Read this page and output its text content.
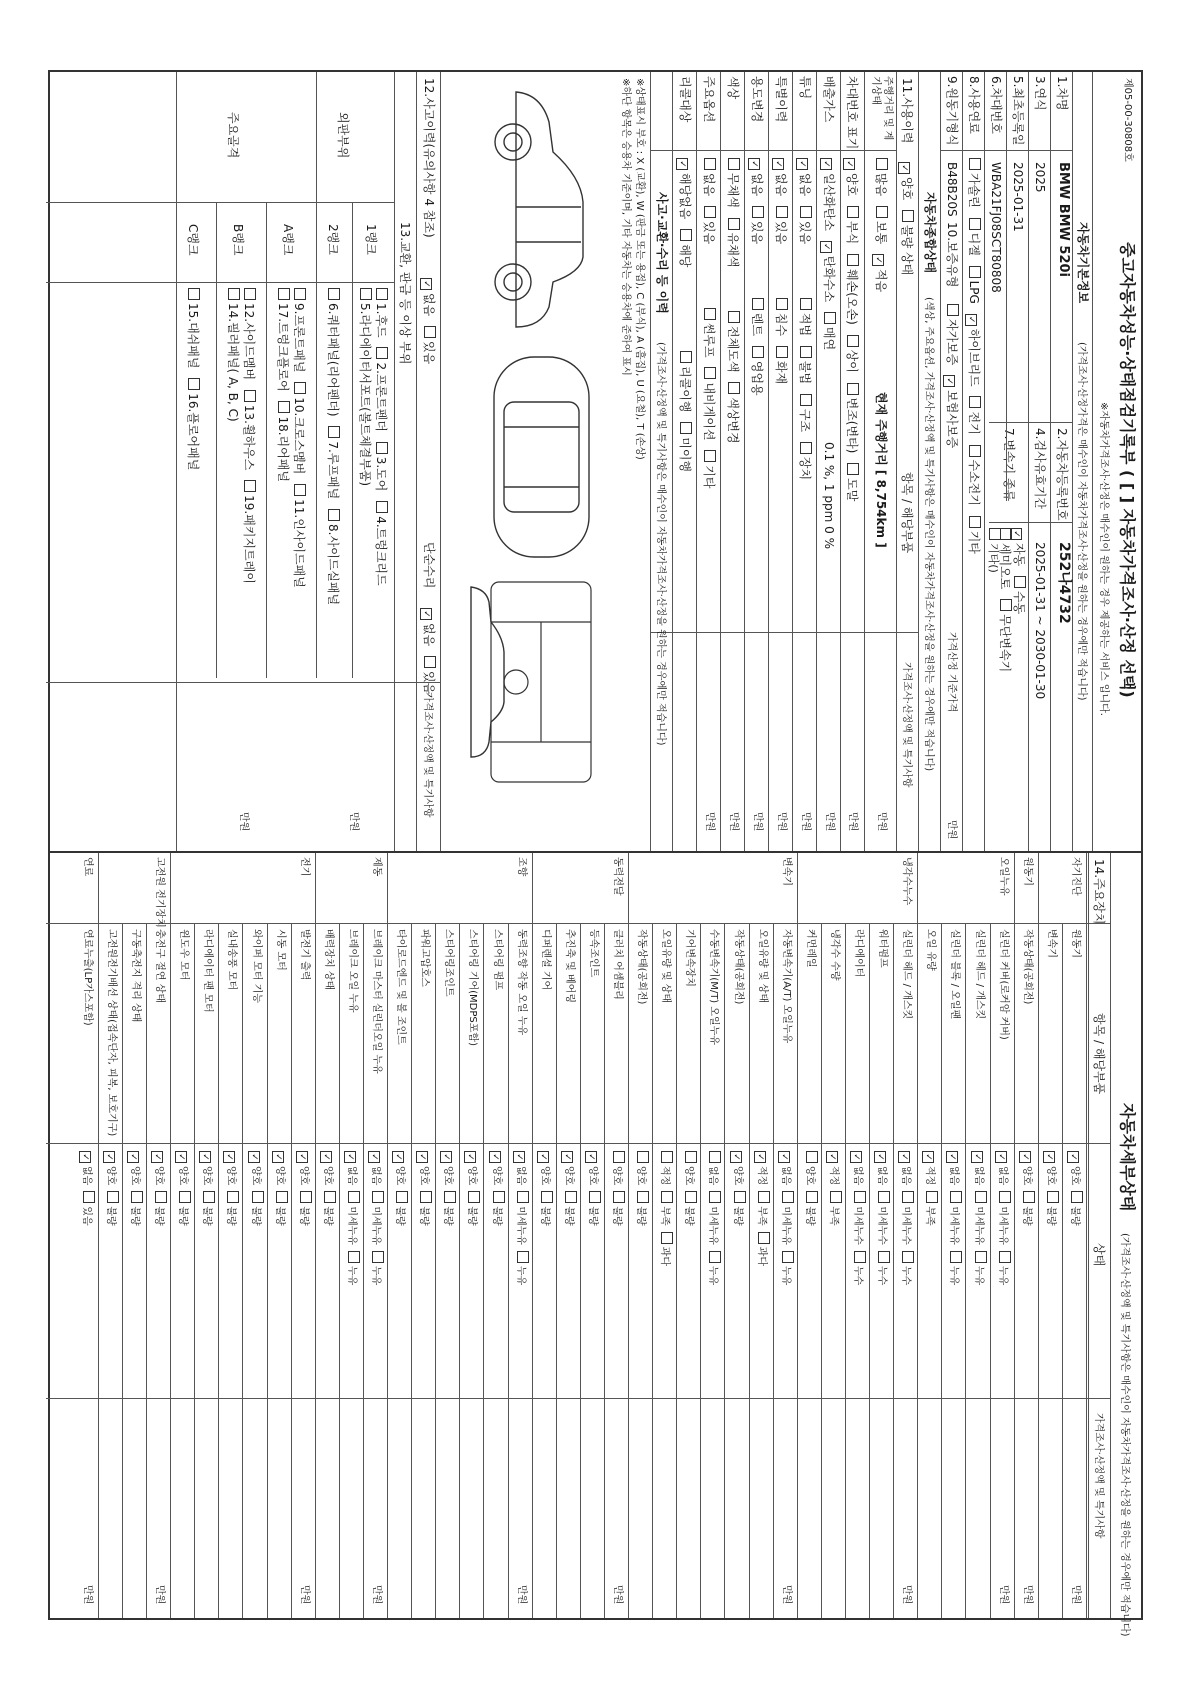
제05-00-30808호
중고자동차성능·상태점검기록부 ( [ ] 자동차가격조사·산정 선택)
※자동차가격조사·산정은 매수인이 원하는 경우 제공하는 서비스 입니다.
자동차기본정보
(가격조사·산정가격은 매수인이 자동차가격조사·산정을 원하는 경우에만 적습니다)
1.차명
BMW BMW 520i
2.자동차등록번호
252나4732
3.연식
2025
4.검사유효기간
2025-01-31 ~ 2030-01-30
5.최초등록일
2025-01-31
7.변속기 종류
✓자동 수동
세미오토 무단변속기
기타()
6.차대번호
WBA21FJ08SCT80808
8.사용연료
가솔린 디젤 LPG ✓하이브리드 전기 수소전기 기타
9.원동기형식
B48B20S
10.보증유형
자가보증 ✓보험사보증
가격산정 기준가격
만원
자동차종합상태
(색상, 주요옵션, 가격조사·산정액 및 특기사항은 매수인이 자동차가격조사·산정을 원하는 경우에만 적습니다)
11.사용이력
상태
항목 / 해당부품
가격조사·산정액 및 특기사항
✓양호 불량
주행거리 및 계기상태
많음 보통 ✓적음
현재 주행거리 [ 8,754km ]
만원
차대번호 표기
✓양호 부식 훼손(오손) 상이 변조(변타) 도말
만원
배출가스
✓일산화탄소 ✓탄화수소 매연
0.1 %, 1 ppm 0 %
만원
튜닝
✓없음 있음  적법 불법 구조 장치
만원
특별이력
✓없음 있음  침수 화재
만원
용도변경
✓없음 있음  렌트 영업용
만원
색상
무채색 유채색  전체도색 색상변경
만원
주요옵션
없음 있음  썬루프 내비게이션 기타
만원
리콜대상
✓해당없음 해당  리콜이행 미이행
사고·교환·수리 등 이력
(가격조사·산정액 및 특기사항은 매수인이 자동차가격조사·산정을 원하는 경우에만 적습니다)
※상태표시 부호 : X (교환), W (판금 또는 용접), C (부식), A (흠집), U (요철), T (손상)
※하단 항목은 승용차 기준이며, 기타 자동차는 승용차에 준하여 표시
12.사고이력(유의사항 4 참조)
✓없음 있음
단순수리
✓없음 있음
가격조사·산정액 및 특기사항
13.교환, 판금 등 이상 부위
외판부위
1랭크
1.후드 2.프론트펜더 3.도어 4.트렁크리드
5.라디에이터서포트(볼트체결부품)
2랭크
6.쿼터패널(리어펜더) 7.루프패널 8.사이드실패널
주요골격
A랭크
9.프론트패널 10.크로스멤버 11.인사이드패널
17.트렁크플로어 18.리어패널
B랭크
12.사이드멤버 13.휠하우스 19.패키지트레이
14.필러패널( A, B, C)
C랭크
15.대쉬패널 16.플로어패널
만원
만원
자동차세부상태
(가격조사·산정액 및 특기사항은 매수인이 자동차가격조사·산정을 원하는 경우에만 적습니다)
14.주요장치
항목 / 해당부품
상태
가격조사·산정액 및 특기사항
자기진단
원동기
✓양호불량
만원
변속기
✓양호불량
원동기
작동상태(공회전)
✓양호불량
만원
오일누유
실린더 커버(로커암 커버)
✓없음미세누유누유
만원
실린더 헤드 / 개스킷
✓없음미세누유누유
실린더 블록 / 오일팬
✓없음미세누유누유
오일 유량
✓적정부족
냉각수누수
실린더 헤드 / 개스킷
✓없음미세누수누수
만원
워터펌프
✓없음미세누수누수
라디에이터
✓없음미세누수누수
냉각수 수량
✓적정부족
커먼레일
양호불량
변속기
자동변속기(A/T) 오일누유
✓없음미세누유누유
만원
오일유량 및 상태
✓적정부족과다
작동상태(공회전)
✓양호불량
수동변속기(M/T) 오일누유
없음미세누유누유
기어변속장치
양호불량
오일유량 및 상태
적정부족과다
작동상태(공회전)
양호불량
동력전달
클러치 어셈블리
양호불량
만원
등속조인트
✓양호불량
추진축 및 베어링
✓양호불량
디퍼렌셜 기어
✓양호불량
조향
동력조향 작동 오일 누유
✓없음미세누유누유
만원
스티어링 펌프
✓양호불량
스티어링 기어(MDPS포함)
✓양호불량
스티어링조인트
✓양호불량
파워고압호스
✓양호불량
타이로드엔드 및 볼 조인트
✓양호불량
제동
브레이크 마스터 실린더오일 누유
✓없음미세누유누유
만원
브레이크 오일 누유
✓없음미세누유누유
배력장치 상태
✓양호불량
전기
발전기 출력
✓양호불량
만원
시동 모터
✓양호불량
와이퍼 모터 기능
✓양호불량
실내송풍 모터
✓양호불량
라디에이터 팬 모터
✓양호불량
윈도우 모터
✓양호불량
고전원 전기장치
충전구 절연 상태
✓양호불량
만원
구동축전지 격리 상태
✓양호불량
고전원전기배선 상태(접속단자, 피복, 보호기구)
✓양호불량
연료
연료누출(LP가스포함)
✓없음있음
만원
